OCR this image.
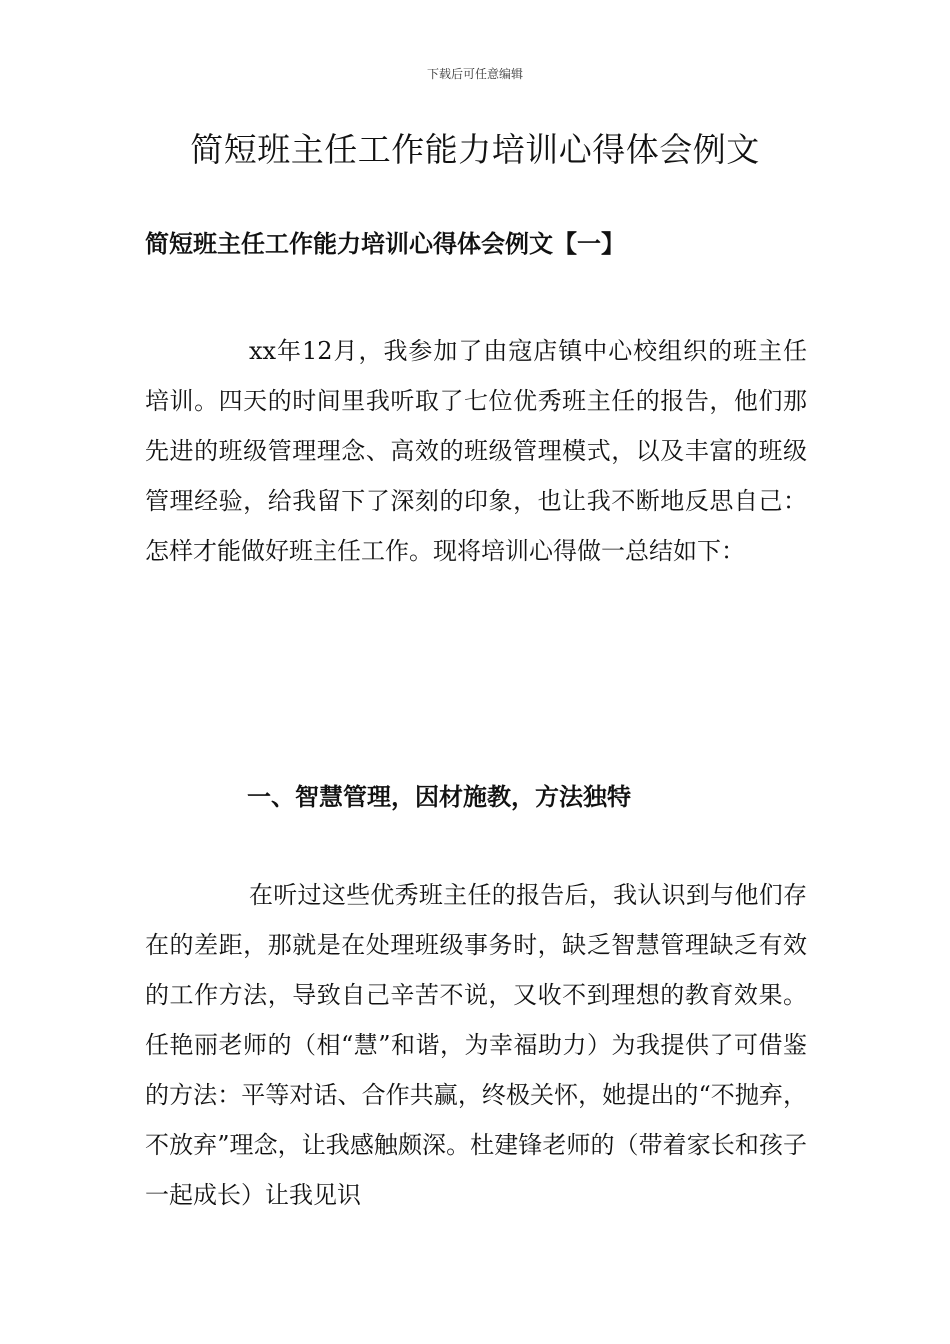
下载后可任意编辑
简短班主任工作能力培训心得体会例文
简短班主任工作能力培训心得体会例文【一】

xx年12月，我参加了由寇店镇中心校组织的班主任培训。四天的时间里我听取了七位优秀班主任的报告，他们那先进的班级管理理念、高效的班级管理模式，以及丰富的班级管理经验，给我留下了深刻的印象，也让我不断地反思自己：怎样才能做好班主任工作。现将培训心得做一总结如下：

一、智慧管理，因材施教，方法独特

在听过这些优秀班主任的报告后，我认识到与他们存在的差距，那就是在处理班级事务时，缺乏智慧管理缺乏有效的工作方法，导致自己辛苦不说，又收不到理想的教育效果。任艳丽老师的（相“慧”和谐，为幸福助力）为我提供了可借鉴的方法：平等对话、合作共赢，终极关怀，她提出的“不抛弃，不放弃”理念，让我感触颇深。杜建锋老师的（带着家长和孩子一起成长）让我见识
